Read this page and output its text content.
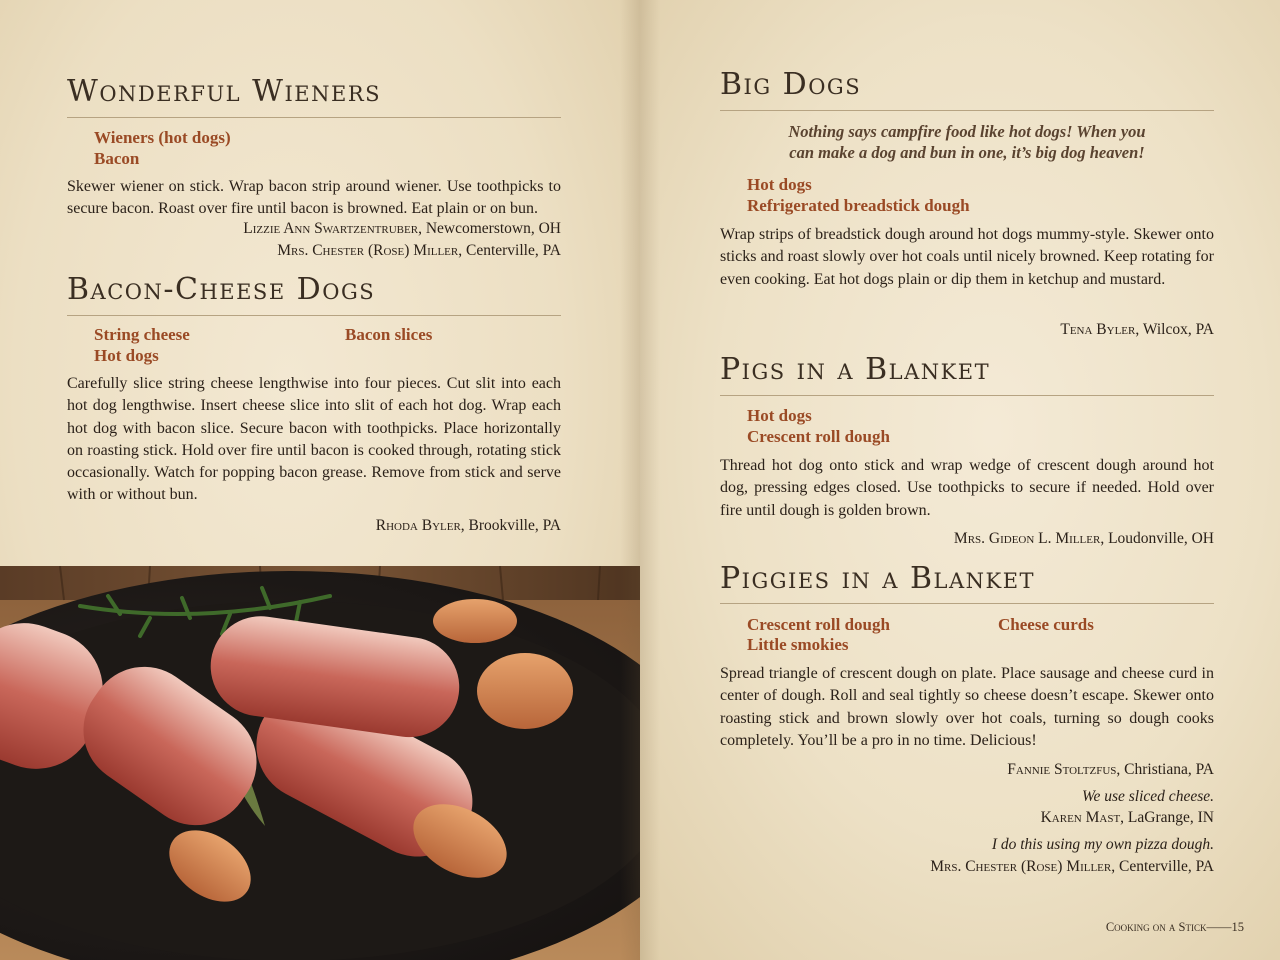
Wonderful Wieners
Wieners (hot dogs)
Bacon
Skewer wiener on stick. Wrap bacon strip around wiener. Use toothpicks to secure bacon. Roast over fire until bacon is browned. Eat plain or on bun.
Lizzie Ann Swartzentruber, Newcomerstown, OH
Mrs. Chester (Rose) Miller, Centerville, PA
Bacon-Cheese Dogs
String cheese
Hot dogs
Bacon slices
Carefully slice string cheese lengthwise into four pieces. Cut slit into each hot dog lengthwise. Insert cheese slice into slit of each hot dog. Wrap each hot dog with bacon slice. Secure bacon with toothpicks. Place horizontally on roasting stick. Hold over fire until bacon is cooked through, rotating stick occasionally. Watch for popping bacon grease. Remove from stick and serve with or without bun.
Rhoda Byler, Brookville, PA
Big Dogs
Nothing says campfire food like hot dogs! When you
can make a dog and bun in one, it’s big dog heaven!
Hot dogs
Refrigerated breadstick dough
Wrap strips of breadstick dough around hot dogs mummy-style. Skewer onto sticks and roast slowly over hot coals until nicely browned. Keep rotating for even cooking. Eat hot dogs plain or dip them in ketchup and mustard.
Tena Byler, Wilcox, PA
Pigs in a Blanket
Hot dogs
Crescent roll dough
Thread hot dog onto stick and wrap wedge of crescent dough around hot dog, pressing edges closed. Use toothpicks to secure if needed. Hold over fire until dough is golden brown.
Mrs. Gideon L. Miller, Loudonville, OH
Piggies in a Blanket
Crescent roll dough
Little smokies
Cheese curds
Spread triangle of crescent dough on plate. Place sausage and cheese curd in center of dough. Roll and seal tightly so cheese doesn’t escape. Skewer onto roasting stick and brown slowly over hot coals, turning so dough cooks completely. You’ll be a pro in no time. Delicious!
Fannie Stoltzfus, Christiana, PA
We use sliced cheese.
Karen Mast, LaGrange, IN
I do this using my own pizza dough.
Mrs. Chester (Rose) Miller, Centerville, PA
Cooking on a Stick——15
